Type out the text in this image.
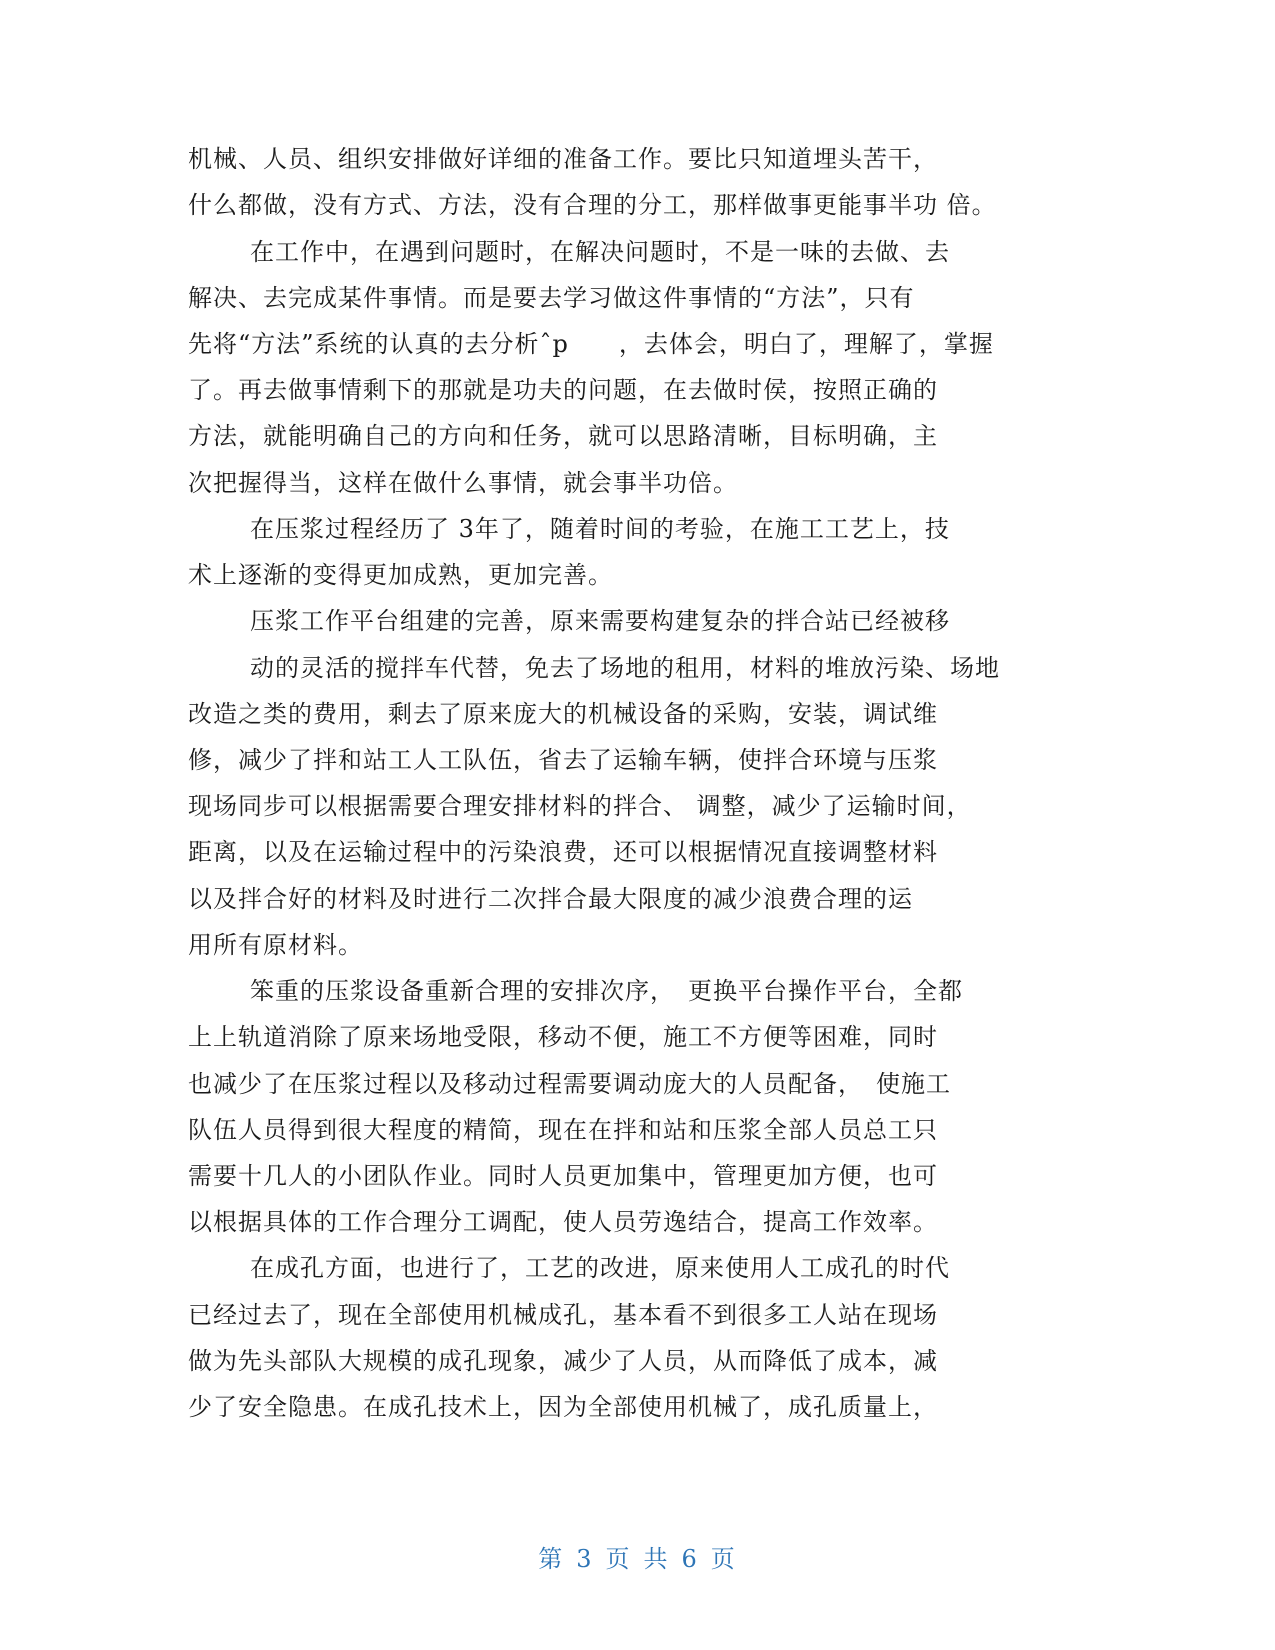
机械、人员、组织安排做好详细的准备工作。要比只知道埋头苦干，
什么都做，没有方式、方法，没有合理的分工，那样做事更能事半功 倍。
在工作中，在遇到问题时，在解决问题时，不是一味的去做、去
解决、去完成某件事情。而是要去学习做这件事情的“方法”，只有
先将“方法”系统的认真的去分析ˆp　　，去体会，明白了，理解了，掌握
了。再去做事情剩下的那就是功夫的问题，在去做时侯，按照正确的
方法，就能明确自己的方向和任务，就可以思路清晰，目标明确，主
次把握得当，这样在做什么事情，就会事半功倍。
在压浆过程经历了 3年了，随着时间的考验，在施工工艺上，技
术上逐渐的变得更加成熟，更加完善。
压浆工作平台组建的完善，原来需要构建复杂的拌合站已经被移
动的灵活的搅拌车代替，免去了场地的租用，材料的堆放污染、场地
改造之类的费用，剩去了原来庞大的机械设备的采购，安装，调试维
修，减少了拌和站工人工队伍，省去了运输车辆，使拌合环境与压浆
现场同步可以根据需要合理安排材料的拌合、 调整，减少了运输时间，
距离，以及在运输过程中的污染浪费，还可以根据情况直接调整材料
以及拌合好的材料及时进行二次拌合最大限度的减少浪费合理的运
用所有原材料。
笨重的压浆设备重新合理的安排次序，　更换平台操作平台，全都
上上轨道消除了原来场地受限，移动不便，施工不方便等困难，同时
也减少了在压浆过程以及移动过程需要调动庞大的人员配备，　使施工
队伍人员得到很大程度的精简，现在在拌和站和压浆全部人员总工只
需要十几人的小团队作业。同时人员更加集中，管理更加方便，也可
以根据具体的工作合理分工调配，使人员劳逸结合，提高工作效率。
在成孔方面，也进行了，工艺的改进，原来使用人工成孔的时代
已经过去了，现在全部使用机械成孔，基本看不到很多工人站在现场
做为先头部队大规模的成孔现象，减少了人员，从而降低了成本，减
少了安全隐患。在成孔技术上，因为全部使用机械了，成孔质量上，
第 3 页 共 6 页
